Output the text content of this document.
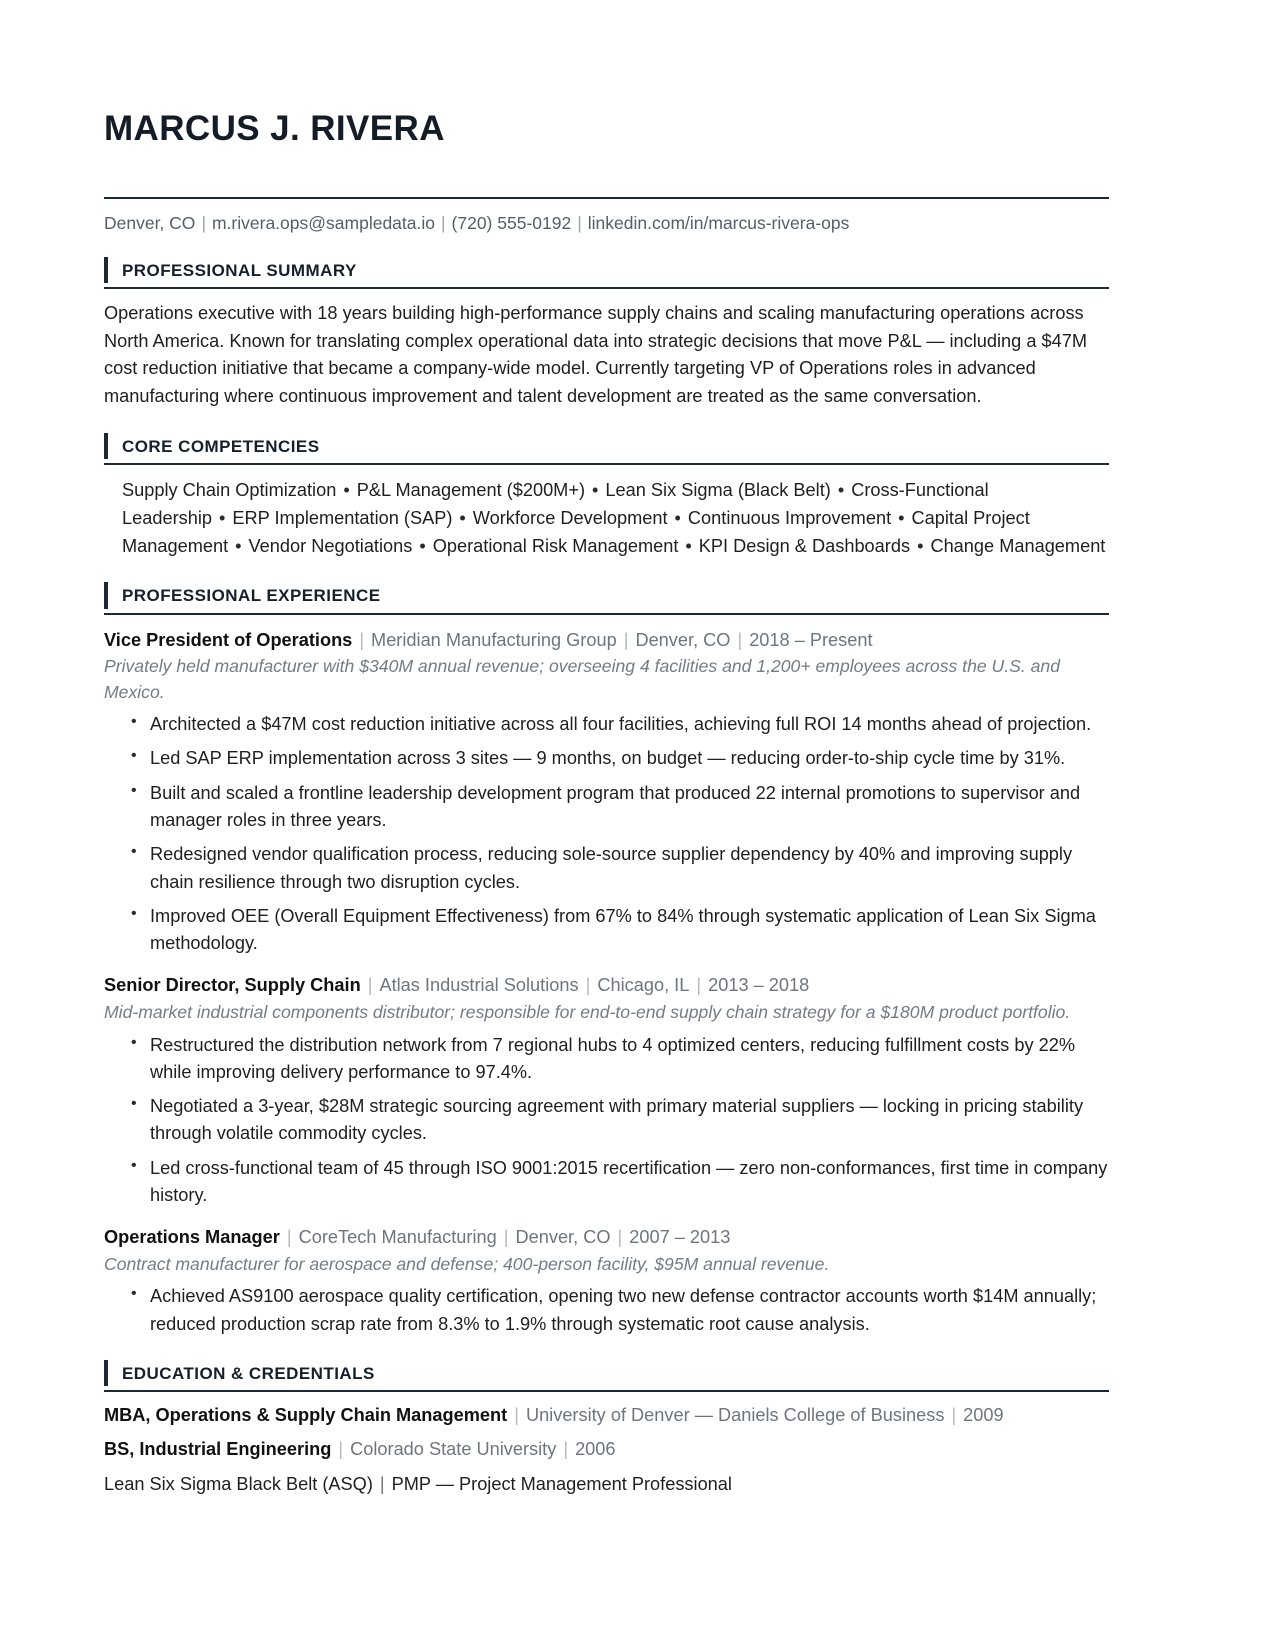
MARCUS J. RIVERA
Denver, CO | m.rivera.ops@sampledata.io | (720) 555-0192 | linkedin.com/in/marcus-rivera-ops
PROFESSIONAL SUMMARY

Operations executive with 18 years building high-performance supply chains and scaling manufacturing operations across North America. Known for translating complex operational data into strategic decisions that move P&L — including a $47M cost reduction initiative that became a company-wide model. Currently targeting VP of Operations roles in advanced manufacturing where continuous improvement and talent development are treated as the same conversation.

CORE COMPETENCIES
Supply Chain Optimization • P&L Management ($200M+) • Lean Six Sigma (Black Belt) • Cross-Functional Leadership • ERP Implementation (SAP) • Workforce Development • Continuous Improvement • Capital Project Management • Vendor Negotiations • Operational Risk Management • KPI Design & Dashboards • Change Management
PROFESSIONAL EXPERIENCE
Vice President of Operations | Meridian Manufacturing Group | Denver, CO | 2018 – Present
Privately held manufacturer with $340M annual revenue; overseeing 4 facilities and 1,200+ employees across the U.S. and Mexico.
• Architected a $47M cost reduction initiative across all four facilities, achieving full ROI 14 months ahead of projection.
• Led SAP ERP implementation across 3 sites — 9 months, on budget — reducing order-to-ship cycle time by 31%.
• Built and scaled a frontline leadership development program that produced 22 internal promotions to supervisor and manager roles in three years.
• Redesigned vendor qualification process, reducing sole-source supplier dependency by 40% and improving supply chain resilience through two disruption cycles.
• Improved OEE (Overall Equipment Effectiveness) from 67% to 84% through systematic application of Lean Six Sigma methodology.
Senior Director, Supply Chain | Atlas Industrial Solutions | Chicago, IL | 2013 – 2018
Mid-market industrial components distributor; responsible for end-to-end supply chain strategy for a $180M product portfolio.
• Restructured the distribution network from 7 regional hubs to 4 optimized centers, reducing fulfillment costs by 22% while improving delivery performance to 97.4%.
• Negotiated a 3-year, $28M strategic sourcing agreement with primary material suppliers — locking in pricing stability through volatile commodity cycles.
• Led cross-functional team of 45 through ISO 9001:2015 recertification — zero non-conformances, first time in company history.
Operations Manager | CoreTech Manufacturing | Denver, CO | 2007 – 2013
Contract manufacturer for aerospace and defense; 400-person facility, $95M annual revenue.
• Achieved AS9100 aerospace quality certification, opening two new defense contractor accounts worth $14M annually; reduced production scrap rate from 8.3% to 1.9% through systematic root cause analysis.
EDUCATION & CREDENTIALS
MBA, Operations & Supply Chain Management | University of Denver — Daniels College of Business | 2009
BS, Industrial Engineering | Colorado State University | 2006
Lean Six Sigma Black Belt (ASQ) | PMP — Project Management Professional
